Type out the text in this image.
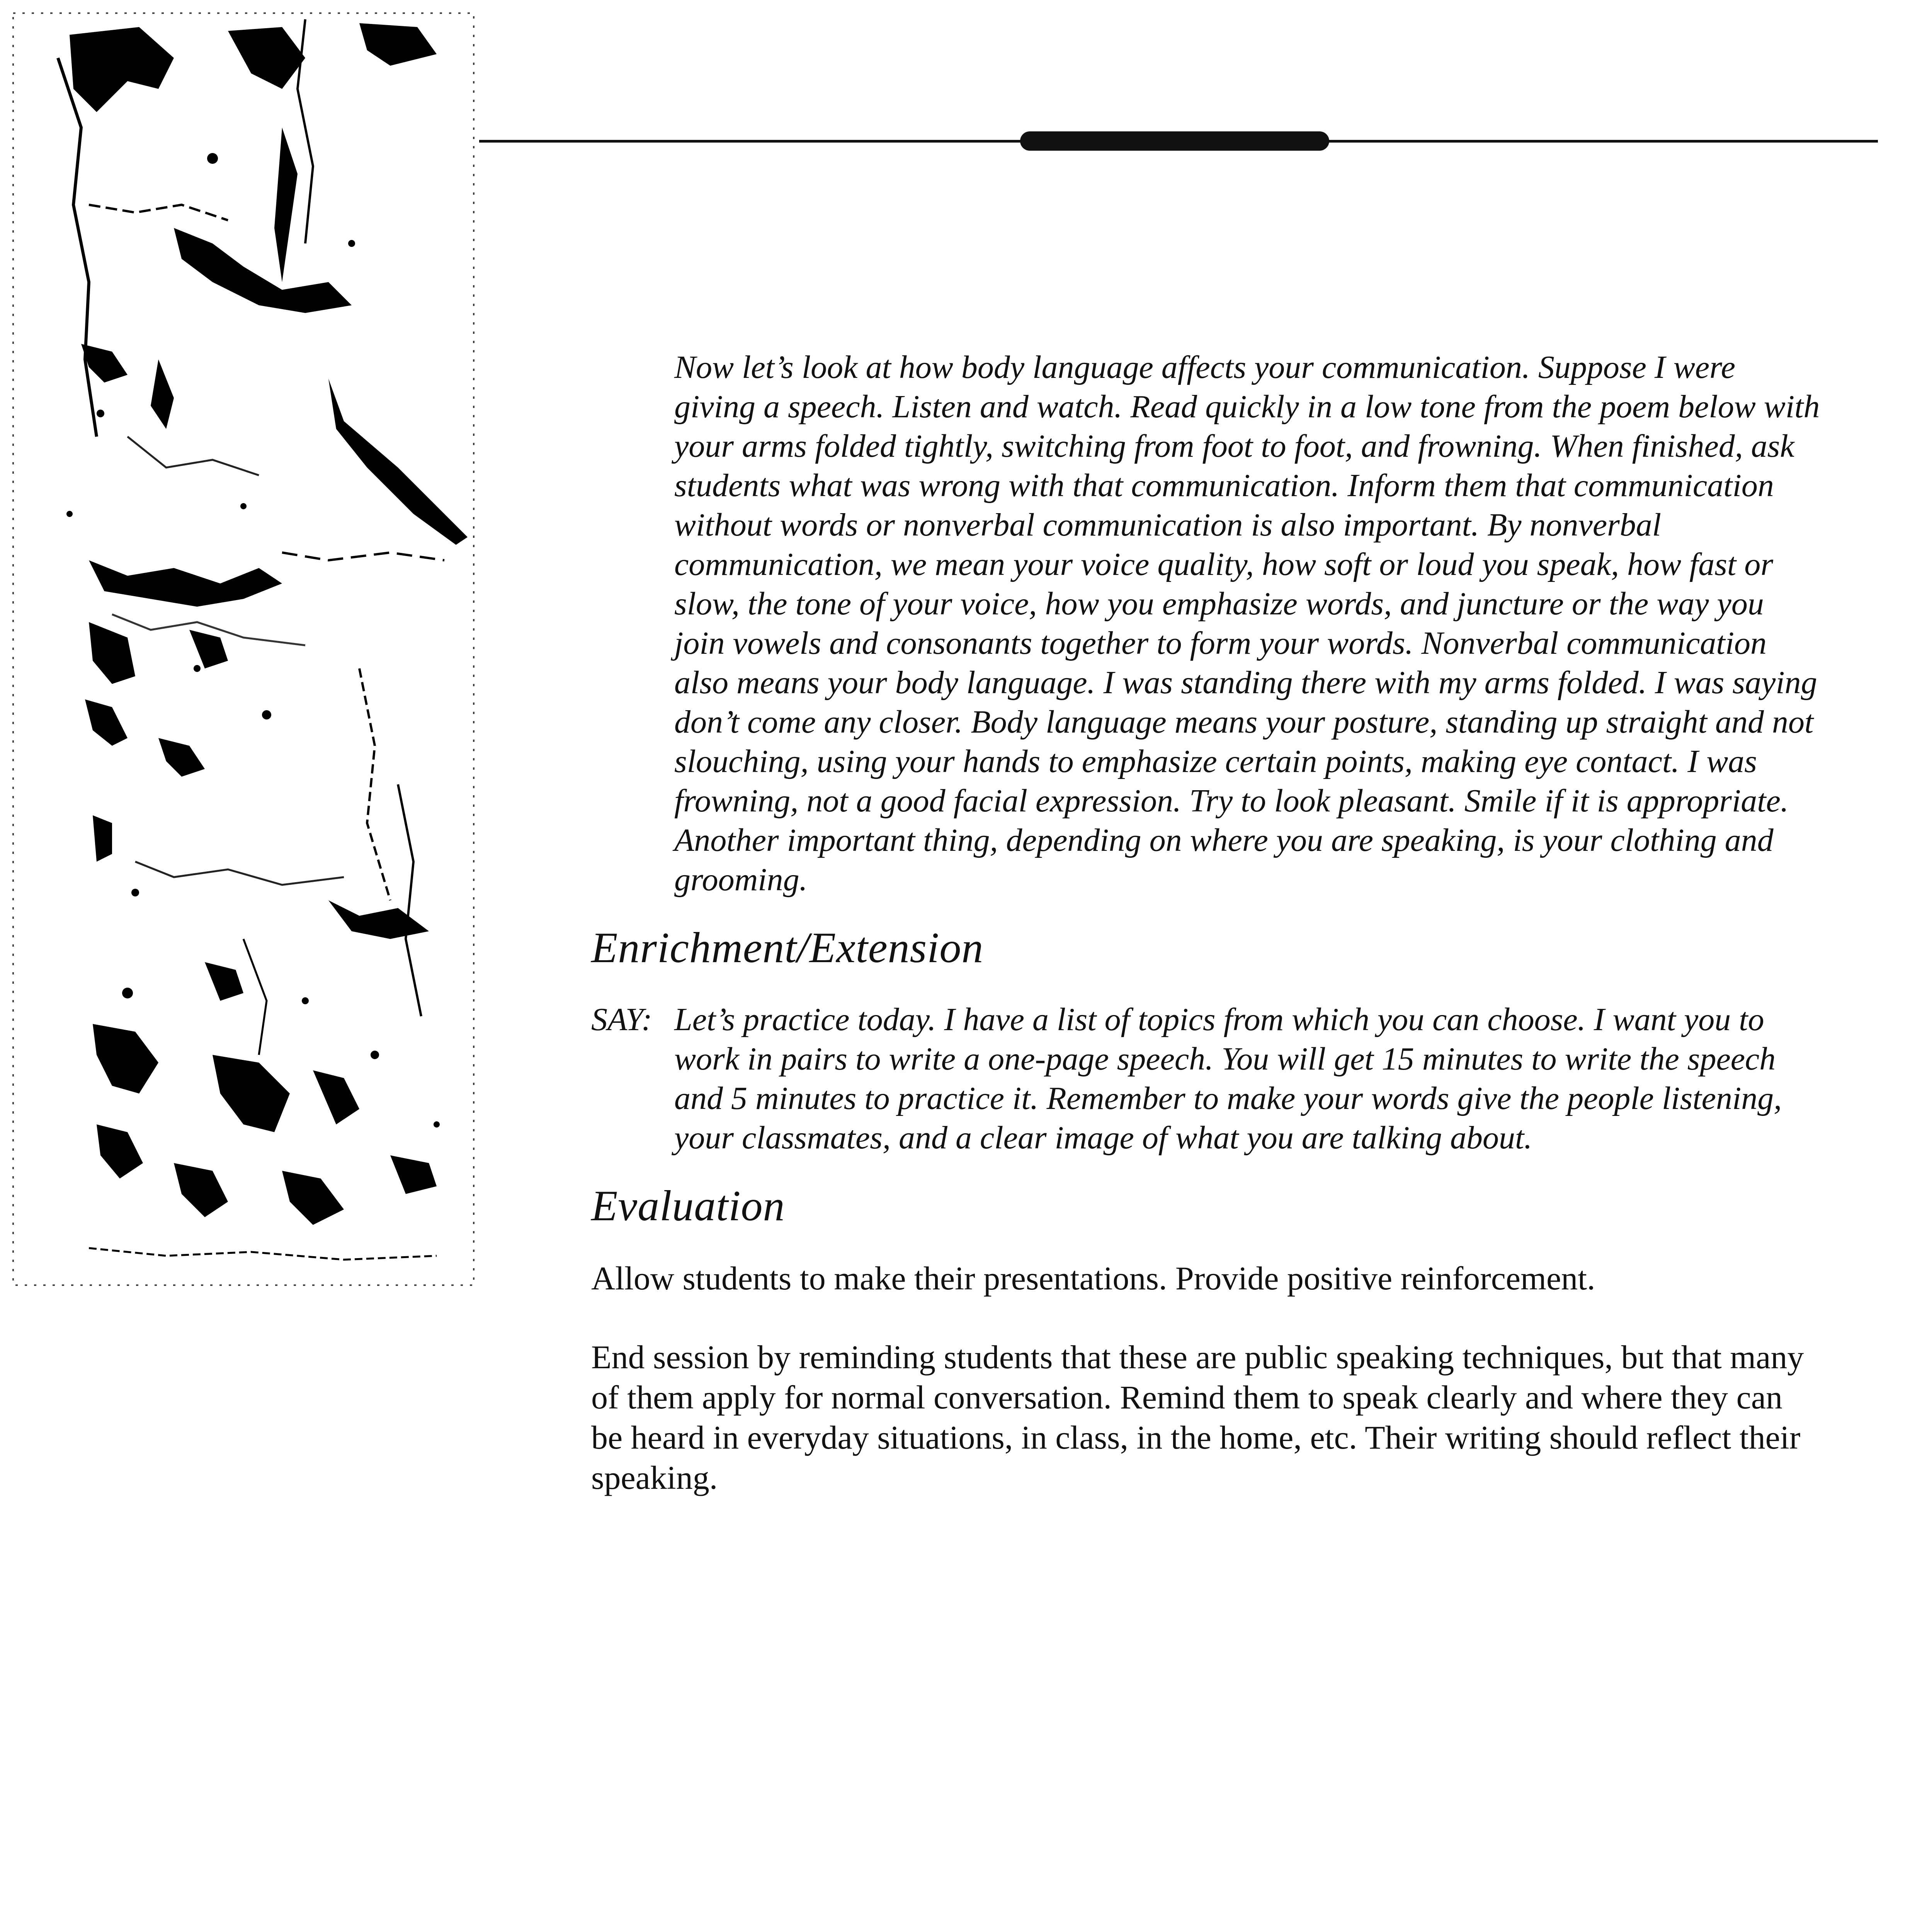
Now let’s look at how body language affects your communication. Suppose I were giving a speech. Listen and watch. Read quickly in a low tone from the poem below with your arms folded tightly, switching from foot to foot, and frowning. When finished, ask students what was wrong with that communication. Inform them that communication without words or nonverbal communication is also important. By nonverbal communication, we mean your voice quality, how soft or loud you speak, how fast or slow, the tone of your voice, how you emphasize words, and juncture or the way you join vowels and consonants together to form your words. Nonverbal communication also means your body language. I was standing there with my arms folded. I was saying don’t come any closer. Body language means your posture, standing up straight and not slouching, using your hands to emphasize certain points, making eye contact. I was frowning, not a good facial expression. Try to look pleasant. Smile if it is appropriate. Another important thing, depending on where you are speaking, is your clothing and grooming.

Enrichment/Extension

SAY: Let’s practice today. I have a list of topics from which you can choose. I want you to work in pairs to write a one-page speech. You will get 15 minutes to write the speech and 5 minutes to practice it. Remember to make your words give the people listening, your classmates, and a clear image of what you are talking about.

Evaluation

Allow students to make their presentations. Provide positive reinforcement.

End session by reminding students that these are public speaking techniques, but that many of them apply for normal conversation. Remind them to speak clearly and where they can be heard in everyday situations, in class, in the home, etc. Their writing should reflect their speaking.
